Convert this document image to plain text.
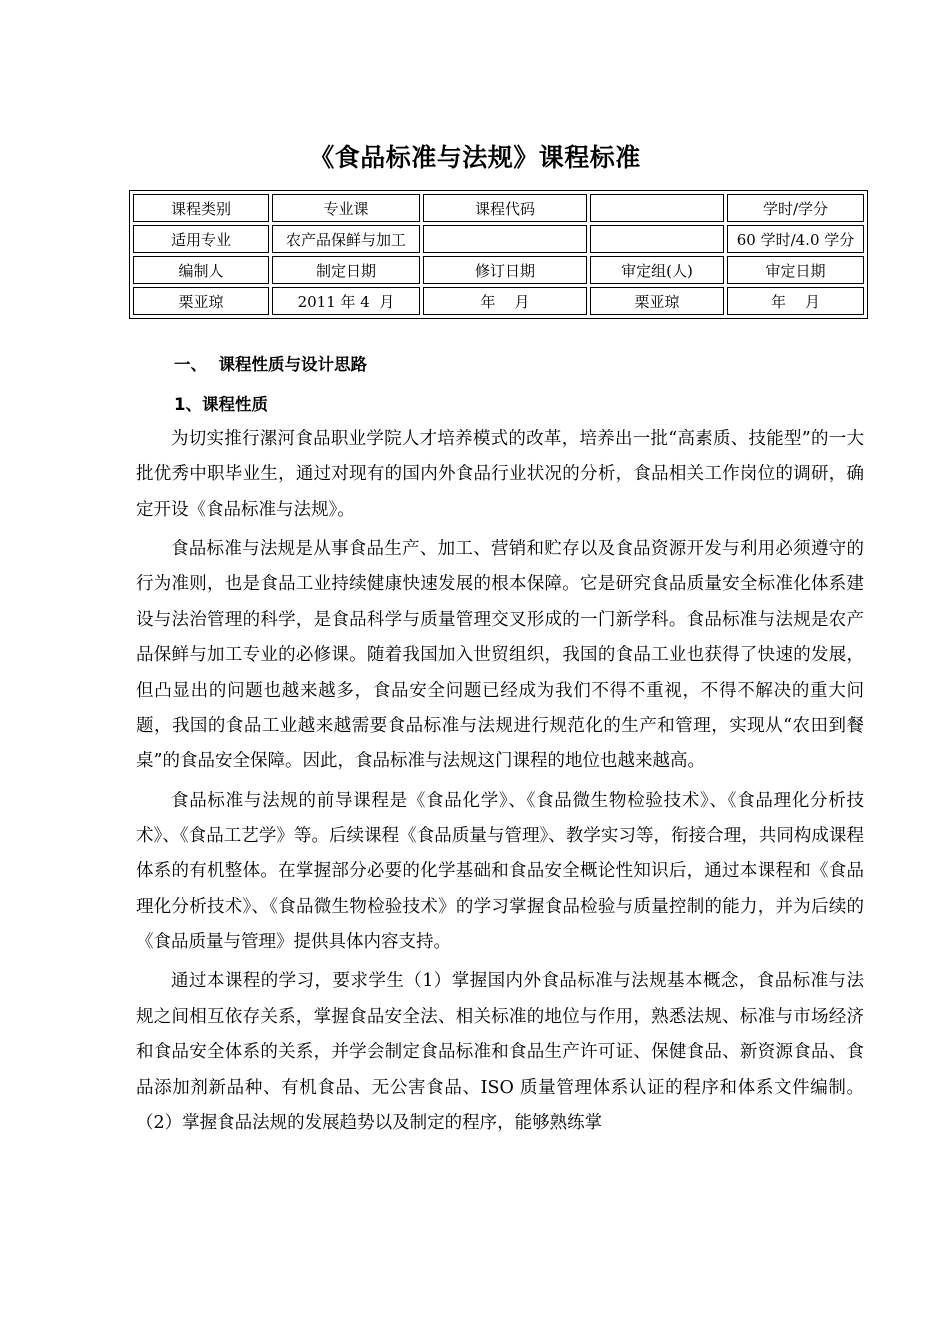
《食品标准与法规》课程标准
课程类别	专业课	课程代码		学时/学分
适用专业	农产品保鲜与加工			60 学时/4.0 学分
编制人	制定日期	修订日期	审定组(人)	审定日期
栗亚琼	2011 年 4  月	年    月	栗亚琼	年    月
一、  课程性质与设计思路
1、课程性质

为切实推行漯河食品职业学院人才培养模式的改革，培养出一批“高素质、技能型”的一大批优秀中职毕业生，通过对现有的国内外食品行业状况的分析，食品相关工作岗位的调研，确定开设《食品标准与法规》。

食品标准与法规是从事食品生产、加工、营销和贮存以及食品资源开发与利用必须遵守的行为准则，也是食品工业持续健康快速发展的根本保障。它是研究食品质量安全标准化体系建设与法治管理的科学，是食品科学与质量管理交叉形成的一门新学科。食品标准与法规是农产品保鲜与加工专业的必修课。随着我国加入世贸组织，我国的食品工业也获得了快速的发展，但凸显出的问题也越来越多，食品安全问题已经成为我们不得不重视，不得不解决的重大问题，我国的食品工业越来越需要食品标准与法规进行规范化的生产和管理，实现从“农田到餐桌”的食品安全保障。因此，食品标准与法规这门课程的地位也越来越高。

食品标准与法规的前导课程是《食品化学》、《食品微生物检验技术》、《食品理化分析技术》、《食品工艺学》等。后续课程《食品质量与管理》、教学实习等，衔接合理，共同构成课程体系的有机整体。在掌握部分必要的化学基础和食品安全概论性知识后，通过本课程和《食品理化分析技术》、《食品微生物检验技术》的学习掌握食品检验与质量控制的能力，并为后续的《食品质量与管理》提供具体内容支持。

通过本课程的学习，要求学生（1）掌握国内外食品标准与法规基本概念，食品标准与法规之间相互依存关系，掌握食品安全法、相关标准的地位与作用，熟悉法规、标准与市场经济和食品安全体系的关系，并学会制定食品标准和食品生产许可证、保健食品、新资源食品、食品添加剂新品种、有机食品、无公害食品、ISO 质量管理体系认证的程序和体系文件编制。（2）掌握食品法规的发展趋势以及制定的程序，能够熟练掌
